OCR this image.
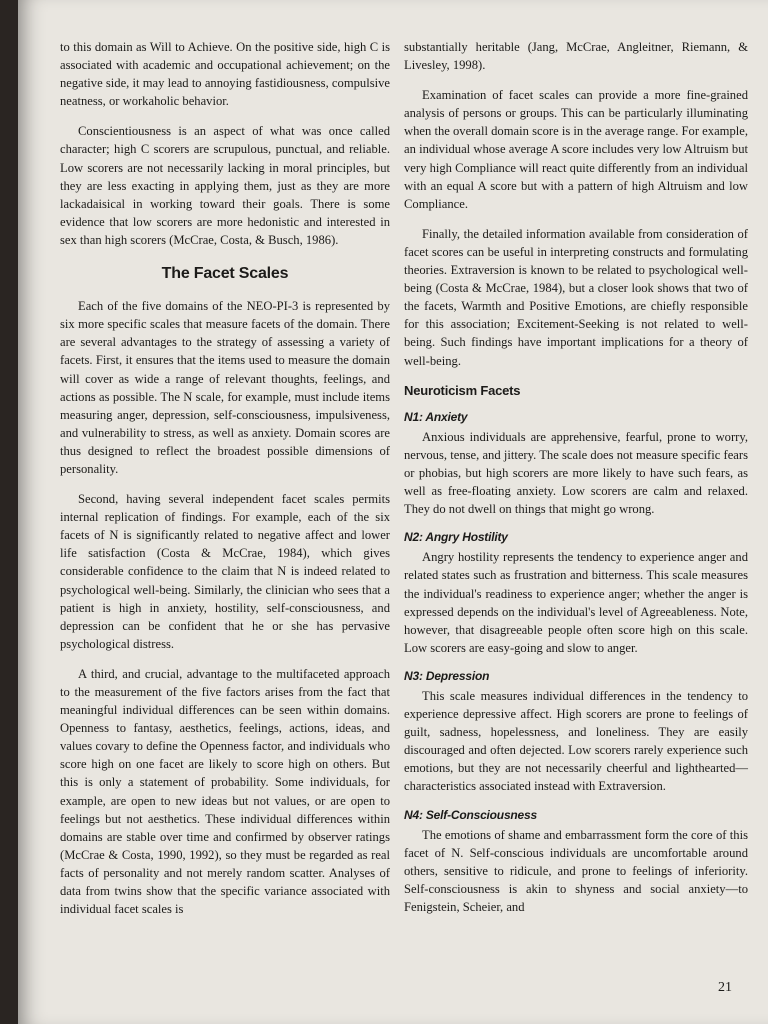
to this domain as Will to Achieve. On the positive side, high C is associated with academic and occupational achievement; on the negative side, it may lead to annoying fastidiousness, compulsive neatness, or workaholic behavior.

Conscientiousness is an aspect of what was once called character; high C scorers are scrupulous, punctual, and reliable. Low scorers are not necessarily lacking in moral principles, but they are less exacting in applying them, just as they are more lackadaisical in working toward their goals. There is some evidence that low scorers are more hedonistic and interested in sex than high scorers (McCrae, Costa, & Busch, 1986).

The Facet Scales

Each of the five domains of the NEO-PI-3 is represented by six more specific scales that measure facets of the domain. There are several advantages to the strategy of assessing a variety of facets. First, it ensures that the items used to measure the domain will cover as wide a range of relevant thoughts, feelings, and actions as possible. The N scale, for example, must include items measuring anger, depression, self-consciousness, impulsiveness, and vulnerability to stress, as well as anxiety. Domain scores are thus designed to reflect the broadest possible dimensions of personality.

Second, having several independent facet scales permits internal replication of findings. For example, each of the six facets of N is significantly related to negative affect and lower life satisfaction (Costa & McCrae, 1984), which gives considerable confidence to the claim that N is indeed related to psychological well-being. Similarly, the clinician who sees that a patient is high in anxiety, hostility, self-consciousness, and depression can be confident that he or she has pervasive psychological distress.

A third, and crucial, advantage to the multifaceted approach to the measurement of the five factors arises from the fact that meaningful individual differences can be seen within domains. Openness to fantasy, aesthetics, feelings, actions, ideas, and values covary to define the Openness factor, and individuals who score high on one facet are likely to score high on others. But this is only a statement of probability. Some individuals, for example, are open to new ideas but not values, or are open to feelings but not aesthetics. These individual differences within domains are stable over time and confirmed by observer ratings (McCrae & Costa, 1990, 1992), so they must be regarded as real facts of personality and not merely random scatter. Analyses of data from twins show that the specific variance associated with individual facet scales is

substantially heritable (Jang, McCrae, Angleitner, Riemann, & Livesley, 1998).

Examination of facet scales can provide a more fine-grained analysis of persons or groups. This can be particularly illuminating when the overall domain score is in the average range. For example, an individual whose average A score includes very low Altruism but very high Compliance will react quite differently from an individual with an equal A score but with a pattern of high Altruism and low Compliance.

Finally, the detailed information available from consideration of facet scores can be useful in interpreting constructs and formulating theories. Extraversion is known to be related to psychological well-being (Costa & McCrae, 1984), but a closer look shows that two of the facets, Warmth and Positive Emotions, are chiefly responsible for this association; Excitement-Seeking is not related to well-being. Such findings have important implications for a theory of well-being.

Neuroticism Facets
N1: Anxiety

Anxious individuals are apprehensive, fearful, prone to worry, nervous, tense, and jittery. The scale does not measure specific fears or phobias, but high scorers are more likely to have such fears, as well as free-floating anxiety. Low scorers are calm and relaxed. They do not dwell on things that might go wrong.

N2: Angry Hostility

Angry hostility represents the tendency to experience anger and related states such as frustration and bitterness. This scale measures the individual's readiness to experience anger; whether the anger is expressed depends on the individual's level of Agreeableness. Note, however, that disagreeable people often score high on this scale. Low scorers are easy-going and slow to anger.

N3: Depression

This scale measures individual differences in the tendency to experience depressive affect. High scorers are prone to feelings of guilt, sadness, hopelessness, and loneliness. They are easily discouraged and often dejected. Low scorers rarely experience such emotions, but they are not necessarily cheerful and lighthearted—characteristics associated instead with Extraversion.

N4: Self-Consciousness

The emotions of shame and embarrassment form the core of this facet of N. Self-conscious individuals are uncomfortable around others, sensitive to ridicule, and prone to feelings of inferiority. Self-consciousness is akin to shyness and social anxiety—to Fenigstein, Scheier, and

21
